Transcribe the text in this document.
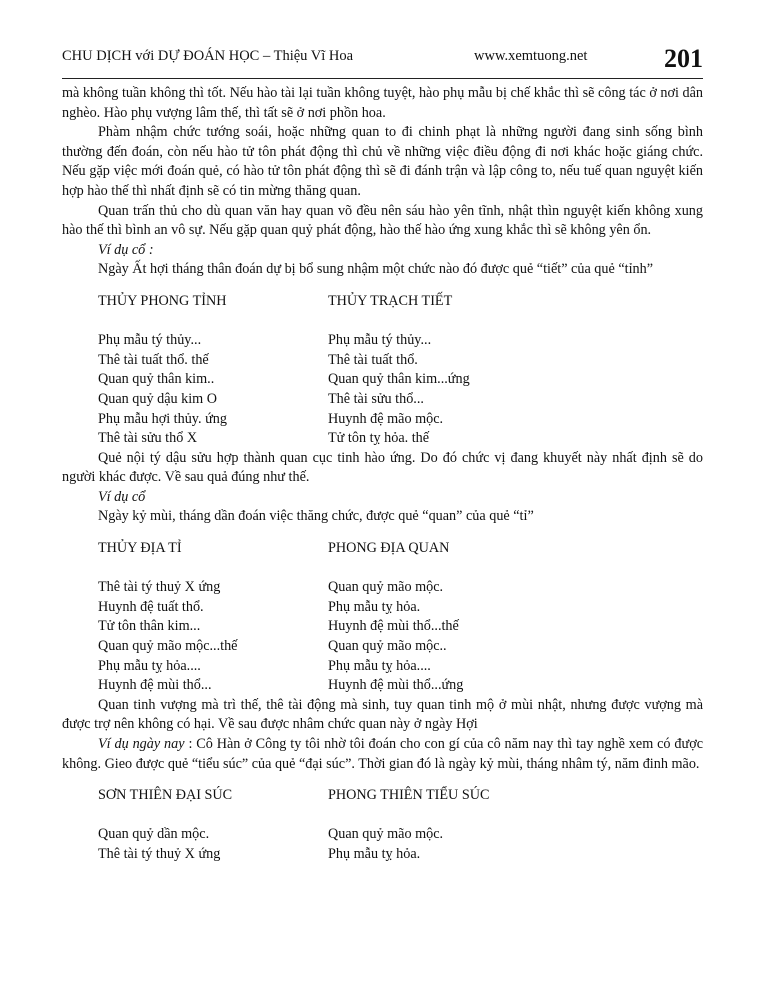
CHU DỊCH với DỰ ĐOÁN HỌC – Thiệu Vĩ Hoa	www.xemtuong.net	201

mà không tuần không thì tốt. Nếu hào tài lại tuần không tuyệt, hào phụ mẫu bị chế khắc thì sẽ công tác ở nơi dân nghèo. Hào phụ vượng lâm thế, thì tất sẽ ở nơi phồn hoa.

Phàm nhậm chức tướng soái, hoặc những quan to đi chinh phạt là những người đang sinh sống bình thường đến đoán, còn nếu hào tử tôn phát động thì chủ về những việc điều động đi nơi khác hoặc giáng chức. Nếu gặp việc mới đoán quẻ, có hào tử tôn phát động thì sẽ đi đánh trận và lập công to, nếu tuế quan nguyệt kiến hợp hào thế thì nhất định sẽ có tin mừng thăng quan.

Quan trấn thủ cho dù quan văn hay quan võ đều nên sáu hào yên tĩnh, nhật thìn nguyệt kiến không xung hào thế thì bình an vô sự. Nếu gặp quan quỷ phát động, hào thế hào ứng xung khắc thì sẽ không yên ổn.

Ví dụ cổ :

Ngày Ất hợi tháng thân đoán dự bị bổ sung nhậm một chức nào đó được quẻ “tiết” của quẻ “tỉnh”

THỦY PHONG TỈNH	THỦY TRẠCH TIẾT
Phụ mẫu tý thủy...	Phụ mẫu tý thủy...
Thê tài tuất thổ. thế	Thê tài tuất thổ.
Quan quỷ thân kim..	Quan quỷ thân kim...ứng
Quan quỷ dậu kim O	Thê tài sửu thổ...
Phụ mẫu hợi thủy. ứng	Huynh đệ mão mộc.
Thê tài sửu thổ X	Tử tôn tỵ hỏa. thế

Quẻ nội tý dậu sửu hợp thành quan cục tinh hào ứng. Do đó chức vị đang khuyết này nhất định sẽ do người khác được. Về sau quả đúng như thế.

Ví dụ cổ

Ngày kỷ mùi, tháng dần đoán việc thăng chức, được quẻ “quan” của quẻ “tỉ”

THỦY ĐỊA TỈ	PHONG ĐỊA QUAN
Thê tài tý thuỷ X ứng	Quan quỷ mão mộc.
Huynh đệ tuất thổ.	Phụ mẫu tỵ hỏa.
Tử tôn thân kim...	Huynh đệ mùi thổ...thế
Quan quỷ mão mộc...thế	Quan quỷ mão mộc..
Phụ mẫu tỵ hỏa....	Phụ mẫu tỵ hỏa....
Huynh đệ mùi thổ...	Huynh đệ mùi thổ...ứng

Quan tinh vượng mà trì thế, thê tài động mà sinh, tuy quan tinh mộ ở mùi nhật, nhưng được vượng mà được trợ nên không có hại. Về sau được nhâm chức quan này ở ngày Hợi

Ví dụ ngày nay : Cô Hàn ở Công ty tôi nhờ tôi đoán cho con gí của cô năm nay thì tay nghề xem có được không. Gieo được quẻ “tiểu súc” của quẻ “đại súc”. Thời gian đó là ngày kỷ mùi, tháng nhâm tý, năm đinh mão.

SƠN THIÊN ĐẠI SÚC	PHONG THIÊN TIỂU SÚC
Quan quỷ dần mộc.	Quan quỷ mão mộc.
Thê tài tý thuỷ X ứng	Phụ mẫu tỵ hỏa.
